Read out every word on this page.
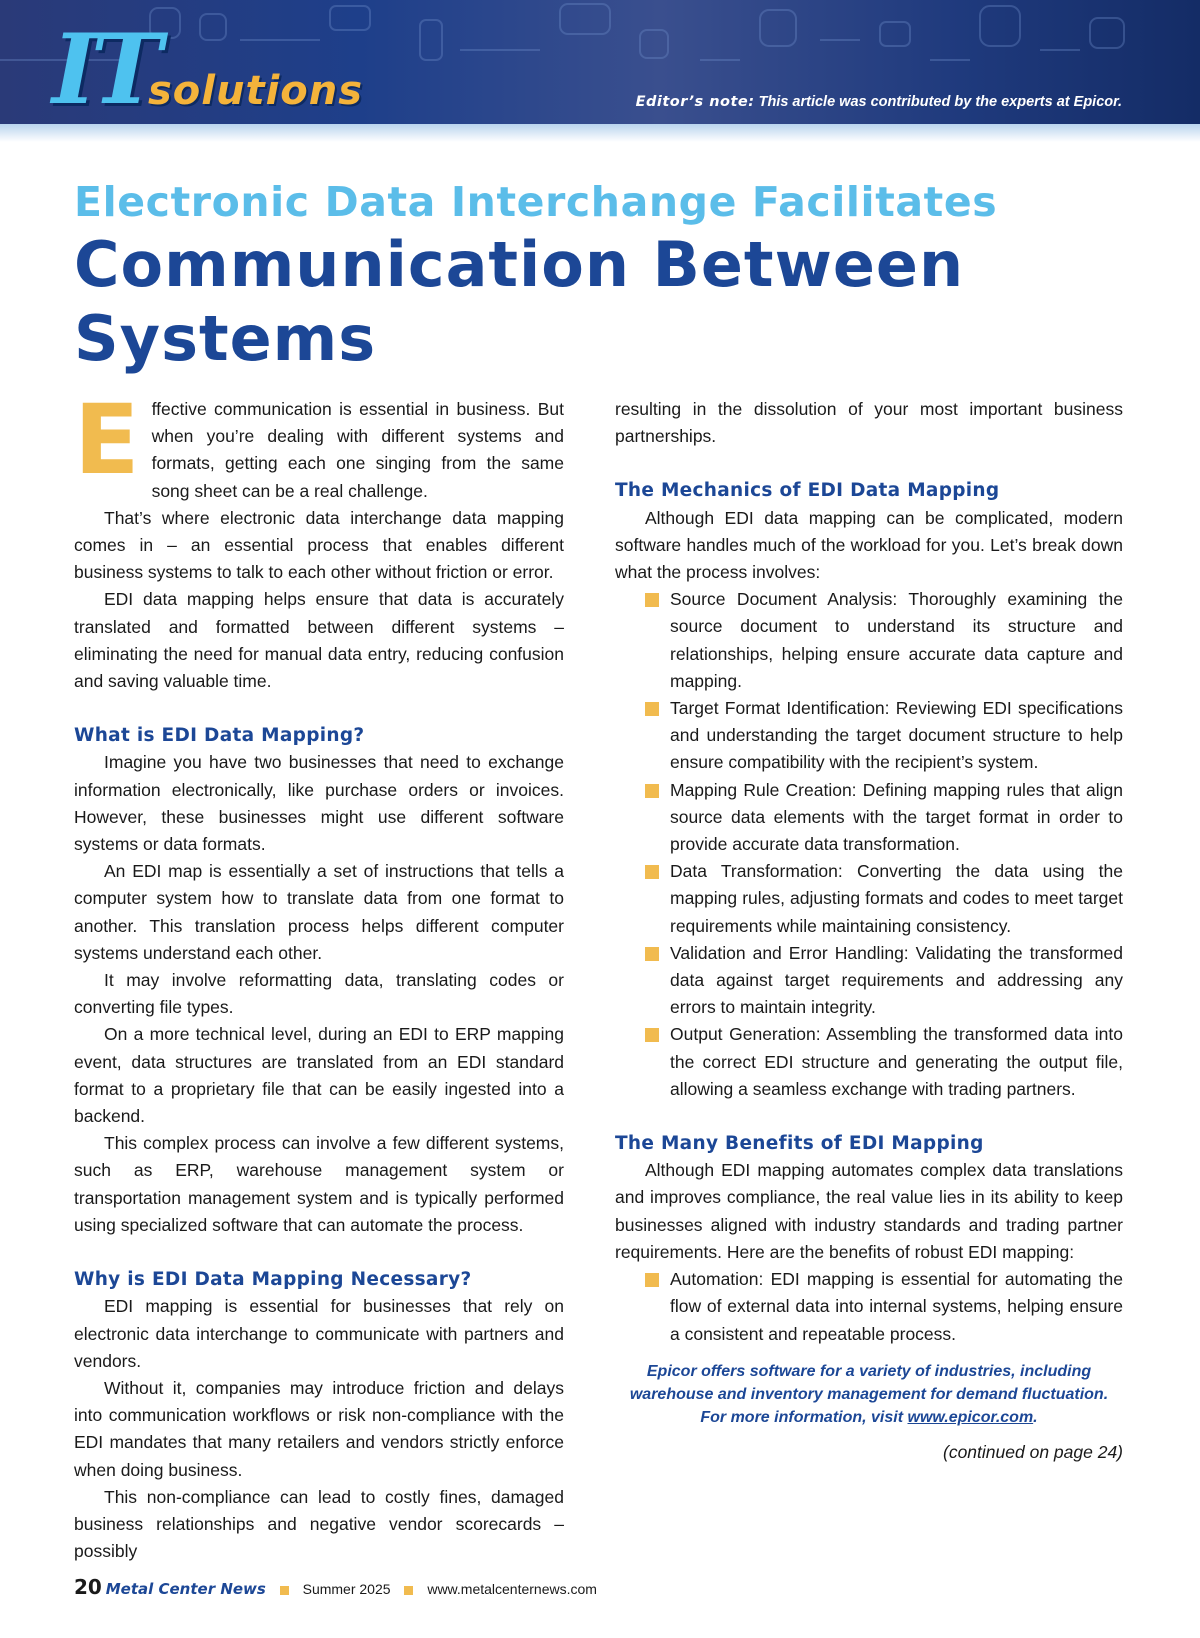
IT
solutions	Editor’s note: This article was contributed by the experts at Epicor.
Electronic Data Interchange Facilitates
Communication Between Systems

Effective communication is essential in business. But when you’re dealing with different systems and formats, getting each one singing from the same song sheet can be a real challenge.

That’s where electronic data interchange data mapping comes in – an essential process that enables different business systems to talk to each other without friction or error.

EDI data mapping helps ensure that data is accurately translated and formatted between different systems – eliminating the need for manual data entry, reducing confusion and saving valuable time.

What is EDI Data Mapping?

Imagine you have two businesses that need to exchange information electronically, like purchase orders or invoices. However, these businesses might use different software systems or data formats.

An EDI map is essentially a set of instructions that tells a computer system how to translate data from one format to another. This translation process helps different computer systems understand each other.

It may involve reformatting data, translating codes or converting file types.

On a more technical level, during an EDI to ERP mapping event, data structures are translated from an EDI standard format to a proprietary file that can be easily ingested into a backend.

This complex process can involve a few different systems, such as ERP, warehouse management system or transportation management system and is typically performed using specialized software that can automate the process.

Why is EDI Data Mapping Necessary?

EDI mapping is essential for businesses that rely on electronic data interchange to communicate with partners and vendors.

Without it, companies may introduce friction and delays into communication workflows or risk non-compliance with the EDI mandates that many retailers and vendors strictly enforce when doing business.

This non-compliance can lead to costly fines, damaged business relationships and negative vendor scorecards – possibly

resulting in the dissolution of your most important business partnerships.

The Mechanics of EDI Data Mapping

Although EDI data mapping can be complicated, modern software handles much of the workload for you. Let’s break down what the process involves:

Source Document Analysis: Thoroughly examining the source document to understand its structure and relationships, helping ensure accurate data capture and mapping.
Target Format Identification: Reviewing EDI specifications and understanding the target document structure to help ensure compatibility with the recipient’s system.
Mapping Rule Creation: Defining mapping rules that align source data elements with the target format in order to provide accurate data transformation.
Data Transformation: Converting the data using the mapping rules, adjusting formats and codes to meet target requirements while maintaining consistency.
Validation and Error Handling: Validating the transformed data against target requirements and addressing any errors to maintain integrity.
Output Generation: Assembling the transformed data into the correct EDI structure and generating the output file, allowing a seamless exchange with trading partners.
The Many Benefits of EDI Mapping

Although EDI mapping automates complex data translations and improves compliance, the real value lies in its ability to keep businesses aligned with industry standards and trading partner requirements. Here are the benefits of robust EDI mapping:

Automation: EDI mapping is essential for automating the flow of external data into internal systems, helping ensure a consistent and repeatable process.
Epicor offers software for a variety of industries, including
warehouse and inventory management for demand fluctuation.
For more information, visit www.epicor.com.
(continued on page 24)
20 Metal Center News	Summer 2025	www.metalcenternews.com
